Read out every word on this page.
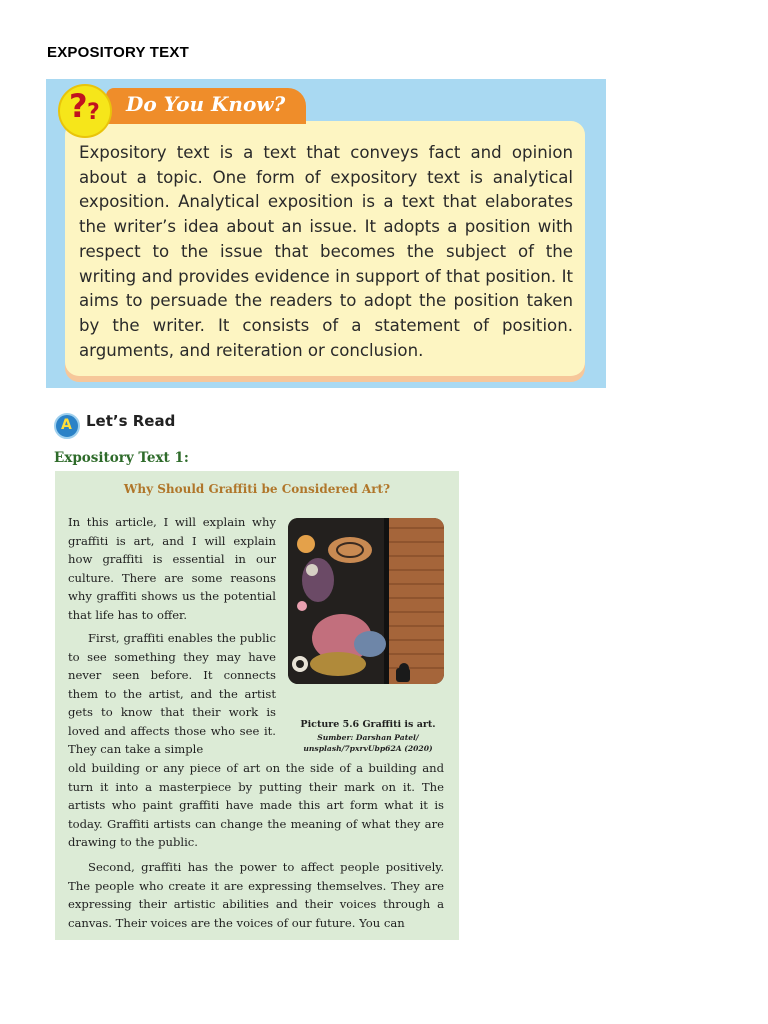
EXPOSITORY TEXT
Do You Know?
? ?
Expository text is a text that conveys fact and opinion about a topic. One form of expository text is analytical exposition. Analytical exposition is a text that elaborates the writer’s idea about an issue. It adopts a position with respect to the issue that becomes the subject of the writing and provides evidence in support of that position. It aims to persuade the readers to adopt the position taken by the writer. It consists of a statement of position. arguments, and reiteration or conclusion.
A Let’s Read
Expository Text 1:
Why Should Graffiti be Considered Art?
In this article, I will explain why graffiti is art, and I will explain how graffiti is essential in our culture. There are some reasons why graffiti shows us the potential that life has to offer.
First, graffiti enables the public to see something they may have never seen before. It connects them to the artist, and the artist gets to know that their work is loved and affects those who see it. They can take a simple
old building or any piece of art on the side of a building and turn it into a masterpiece by putting their mark on it. The artists who paint graffiti have made this art form what it is today. Graffiti artists can change the meaning of what they are drawing to the public.
Second, graffiti has the power to affect people positively. The people who create it are expressing themselves. They are expressing their artistic abilities and their voices through a canvas. Their voices are the voices of our future. You can
Picture 5.6 Graffiti is art.
Sumber: Darshan Patel/ unsplash/7pxrvUbp62A (2020)
